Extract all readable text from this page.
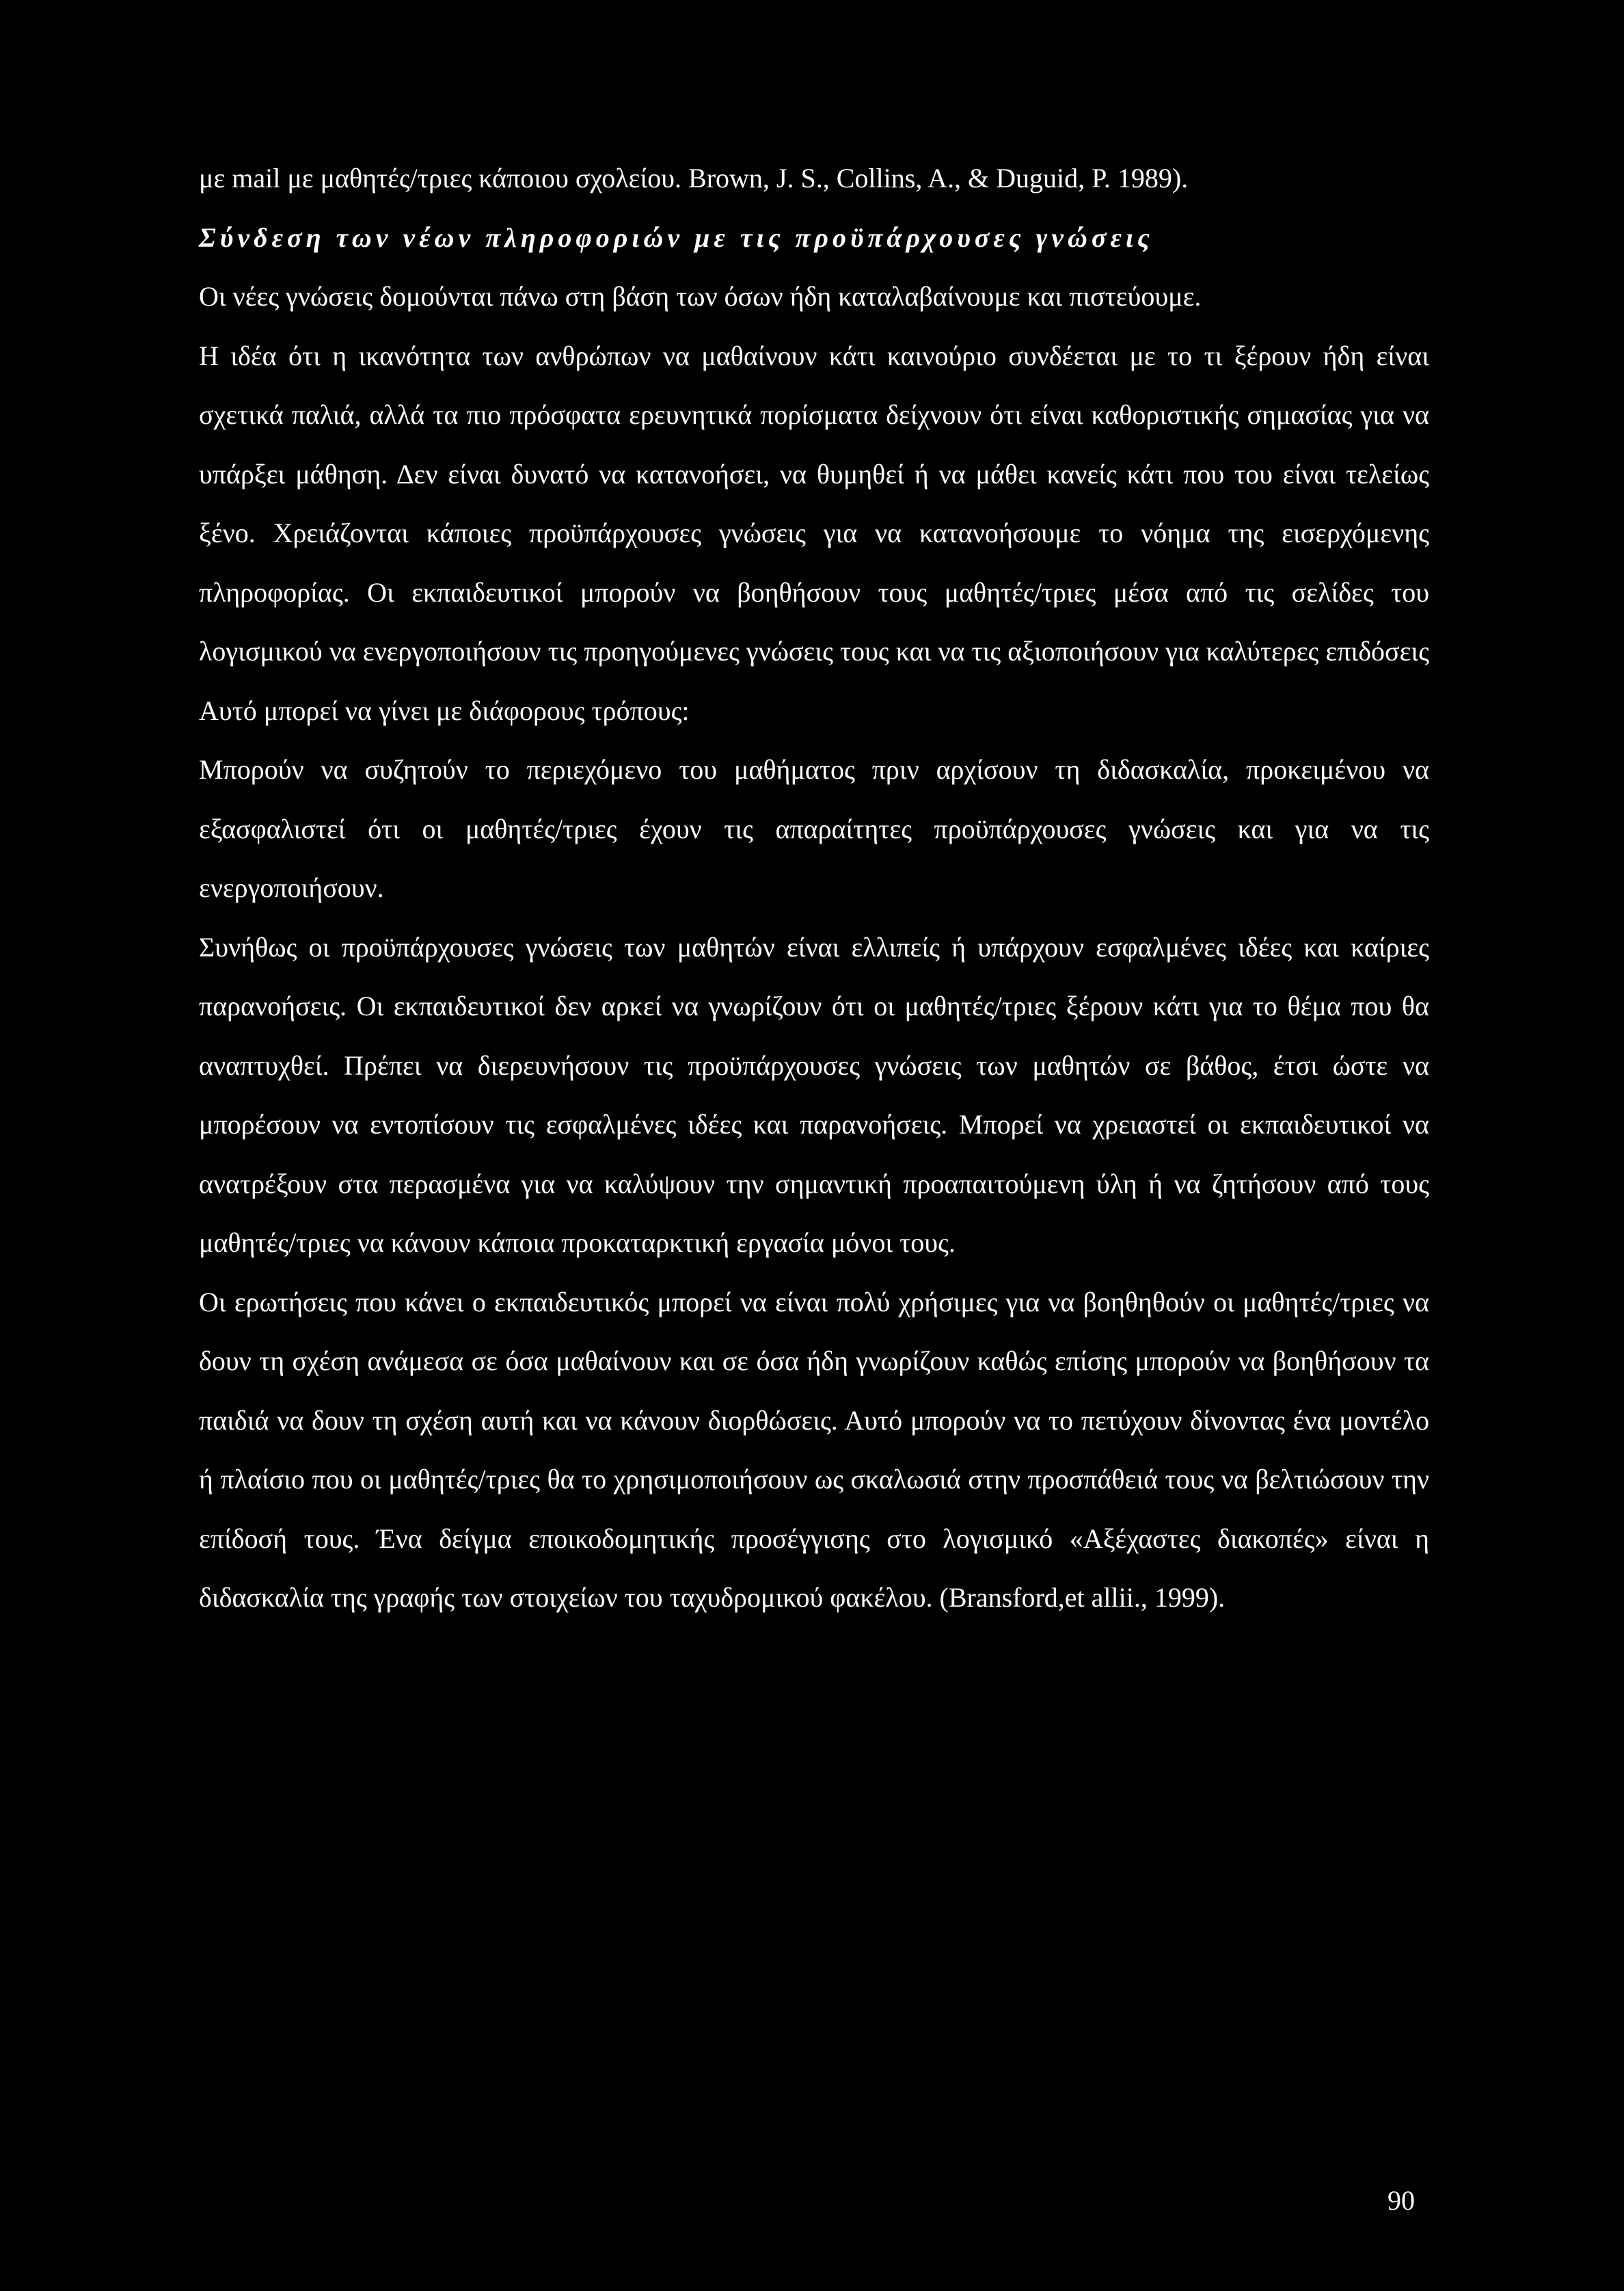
με mail με μαθητές/τριες κάποιου σχολείου. Brown, J. S., Collins, A., & Duguid, P. 1989).

Σύνδεση των νέων πληροφοριών με τις προϋπάρχουσες γνώσεις

Οι νέες γνώσεις δομούνται πάνω στη βάση των όσων ήδη καταλαβαίνουμε και πιστεύουμε.

Η ιδέα ότι η ικανότητα των ανθρώπων να μαθαίνουν κάτι καινούριο συνδέεται με το τι ξέρουν ήδη είναι σχετικά παλιά, αλλά τα πιο πρόσφατα ερευνητικά πορίσματα δείχνουν ότι είναι καθοριστικής σημασίας για να υπάρξει μάθηση. Δεν είναι δυνατό να κατανοήσει, να θυμηθεί ή να μάθει κανείς κάτι που του είναι τελείως ξένο. Χρειάζονται κάποιες προϋπάρχουσες γνώσεις για να κατανοήσουμε το νόημα της εισερχόμενης πληροφορίας. Οι εκπαιδευτικοί μπορούν να βοηθήσουν τους μαθητές/τριες μέσα από τις σελίδες του λογισμικού να ενεργοποιήσουν τις προηγούμενες γνώσεις τους και να τις αξιοποιήσουν για καλύτερες επιδόσεις Αυτό μπορεί να γίνει με διάφορους τρόπους:

Μπορούν να συζητούν το περιεχόμενο του μαθήματος πριν αρχίσουν τη διδασκαλία, προκειμένου να εξασφαλιστεί ότι οι μαθητές/τριες έχουν τις απαραίτητες προϋπάρχουσες γνώσεις και για να τις ενεργοποιήσουν.

Συνήθως οι προϋπάρχουσες γνώσεις των μαθητών είναι ελλιπείς ή υπάρχουν εσφαλμένες ιδέες και καίριες παρανοήσεις. Οι εκπαιδευτικοί δεν αρκεί να γνωρίζουν ότι οι μαθητές/τριες ξέρουν κάτι για το θέμα που θα αναπτυχθεί. Πρέπει να διερευνήσουν τις προϋπάρχουσες γνώσεις των μαθητών σε βάθος, έτσι ώστε να μπορέσουν να εντοπίσουν τις εσφαλμένες ιδέες και παρανοήσεις. Μπορεί να χρειαστεί οι εκπαιδευτικοί να ανατρέξουν στα περασμένα για να καλύψουν την σημαντική προαπαιτούμενη ύλη ή να ζητήσουν από τους μαθητές/τριες να κάνουν κάποια προκαταρκτική εργασία μόνοι τους.

Οι ερωτήσεις που κάνει ο εκπαιδευτικός μπορεί να είναι πολύ χρήσιμες για να βοηθηθούν οι μαθητές/τριες να δουν τη σχέση ανάμεσα σε όσα μαθαίνουν και σε όσα ήδη γνωρίζουν καθώς επίσης μπορούν να βοηθήσουν τα παιδιά να δουν τη σχέση αυτή και να κάνουν διορθώσεις. Αυτό μπορούν να το πετύχουν δίνοντας ένα μοντέλο ή πλαίσιο που οι μαθητές/τριες θα το χρησιμοποιήσουν ως σκαλωσιά στην προσπάθειά τους να βελτιώσουν την επίδοσή τους. Ένα δείγμα εποικοδομητικής προσέγγισης στο λογισμικό «Αξέχαστες διακοπές» είναι η διδασκαλία της γραφής των στοιχείων του ταχυδρομικού φακέλου. (Bransford,et allii., 1999).

90
